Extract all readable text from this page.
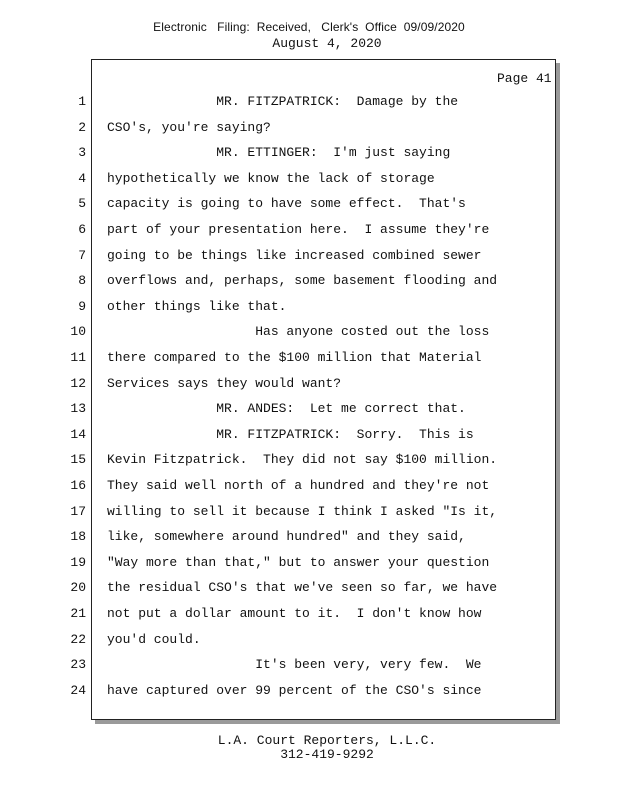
Electronic   Filing:  Received,   Clerk's  Office  09/09/2020
August 4, 2020
Page 41
1 MR. FITZPATRICK:  Damage by the
2 CSO's, you're saying?
3 MR. ETTINGER:  I'm just saying
4 hypothetically we know the lack of storage
5 capacity is going to have some effect.  That's
6 part of your presentation here.  I assume they're
7 going to be things like increased combined sewer
8 overflows and, perhaps, some basement flooding and
9 other things like that.
10 Has anyone costed out the loss
11 there compared to the $100 million that Material
12 Services says they would want?
13 MR. ANDES:  Let me correct that.
14 MR. FITZPATRICK:  Sorry.  This is
15 Kevin Fitzpatrick.  They did not say $100 million.
16 They said well north of a hundred and they're not
17 willing to sell it because I think I asked "Is it,
18 like, somewhere around hundred" and they said,
19 "Way more than that," but to answer your question
20 the residual CSO's that we've seen so far, we have
21 not put a dollar amount to it.  I don't know how
22 you'd could.
23 It's been very, very few.  We
24 have captured over 99 percent of the CSO's since
L.A. Court Reporters, L.L.C.
312-419-9292
